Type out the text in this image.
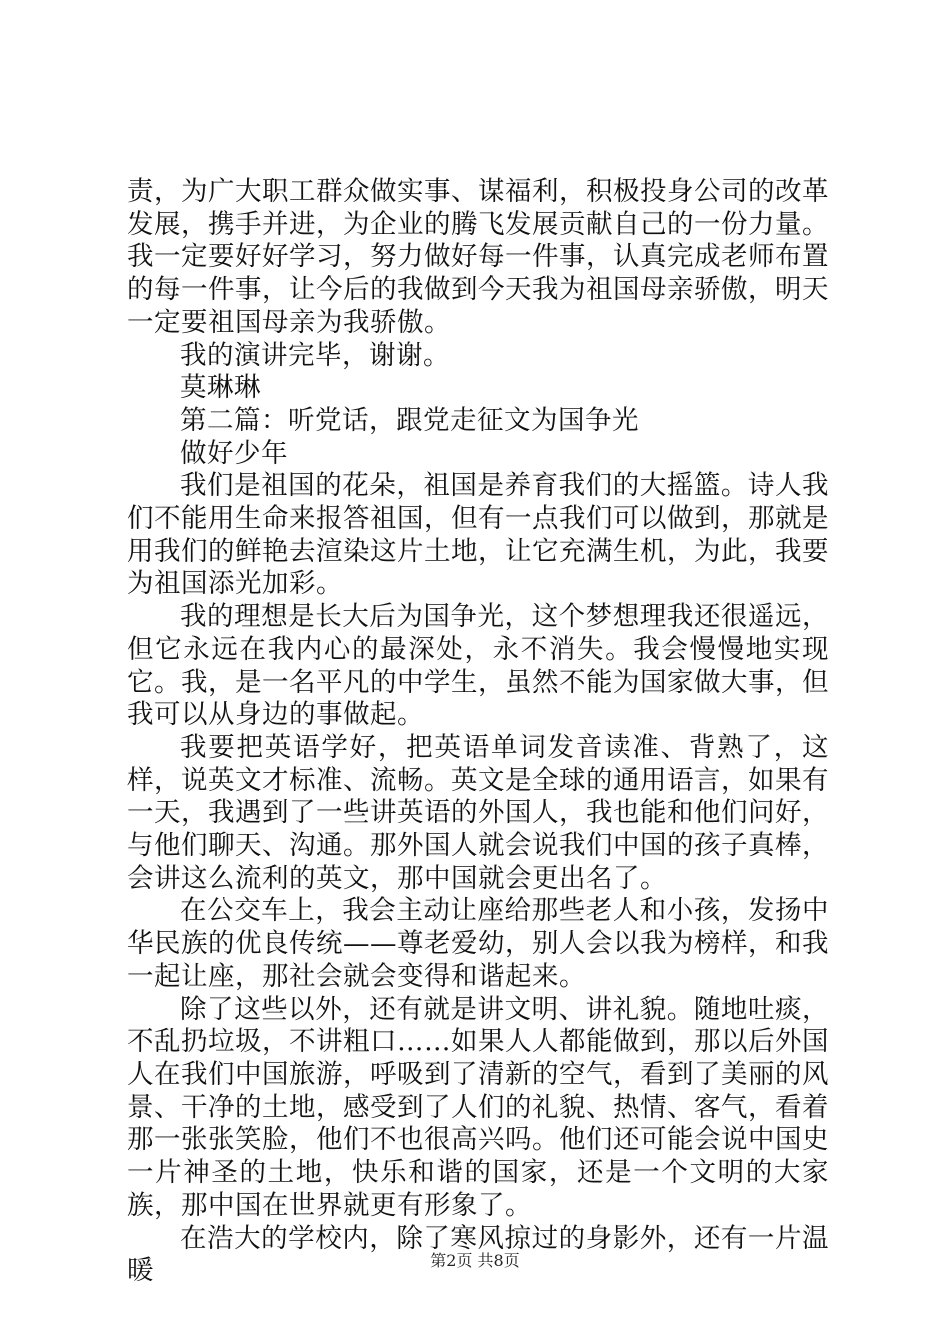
责，为广大职工群众做实事、谋福利，积极投身公司的改革发展，携手并进，为企业的腾飞发展贡献自己的一份力量。我一定要好好学习，努力做好每一件事，认真完成老师布置的每一件事，让今后的我做到今天我为祖国母亲骄傲，明天一定要祖国母亲为我骄傲。

我的演讲完毕，谢谢。

莫琳琳

第二篇：听党话，跟党走征文为国争光

做好少年

我们是祖国的花朵，祖国是养育我们的大摇篮。诗人我们不能用生命来报答祖国，但有一点我们可以做到，那就是用我们的鲜艳去渲染这片土地，让它充满生机，为此，我要为祖国添光加彩。

我的理想是长大后为国争光，这个梦想理我还很遥远，但它永远在我内心的最深处，永不消失。我会慢慢地实现它。我，是一名平凡的中学生，虽然不能为国家做大事，但我可以从身边的事做起。

我要把英语学好，把英语单词发音读准、背熟了，这样，说英文才标准、流畅。英文是全球的通用语言，如果有一天，我遇到了一些讲英语的外国人，我也能和他们问好，与他们聊天、沟通。那外国人就会说我们中国的孩子真棒，会讲这么流利的英文，那中国就会更出名了。

在公交车上，我会主动让座给那些老人和小孩，发扬中华民族的优良传统——尊老爱幼，别人会以我为榜样，和我一起让座，那社会就会变得和谐起来。

除了这些以外，还有就是讲文明、讲礼貌。随地吐痰，不乱扔垃圾，不讲粗口……如果人人都能做到，那以后外国人在我们中国旅游，呼吸到了清新的空气，看到了美丽的风景、干净的土地，感受到了人们的礼貌、热情、客气，看着那一张张笑脸，他们不也很高兴吗。他们还可能会说中国史一片神圣的土地，快乐和谐的国家，还是一个文明的大家族，那中国在世界就更有形象了。

在浩大的学校内，除了寒风掠过的身影外，还有一片温暖	第2页 共8页
